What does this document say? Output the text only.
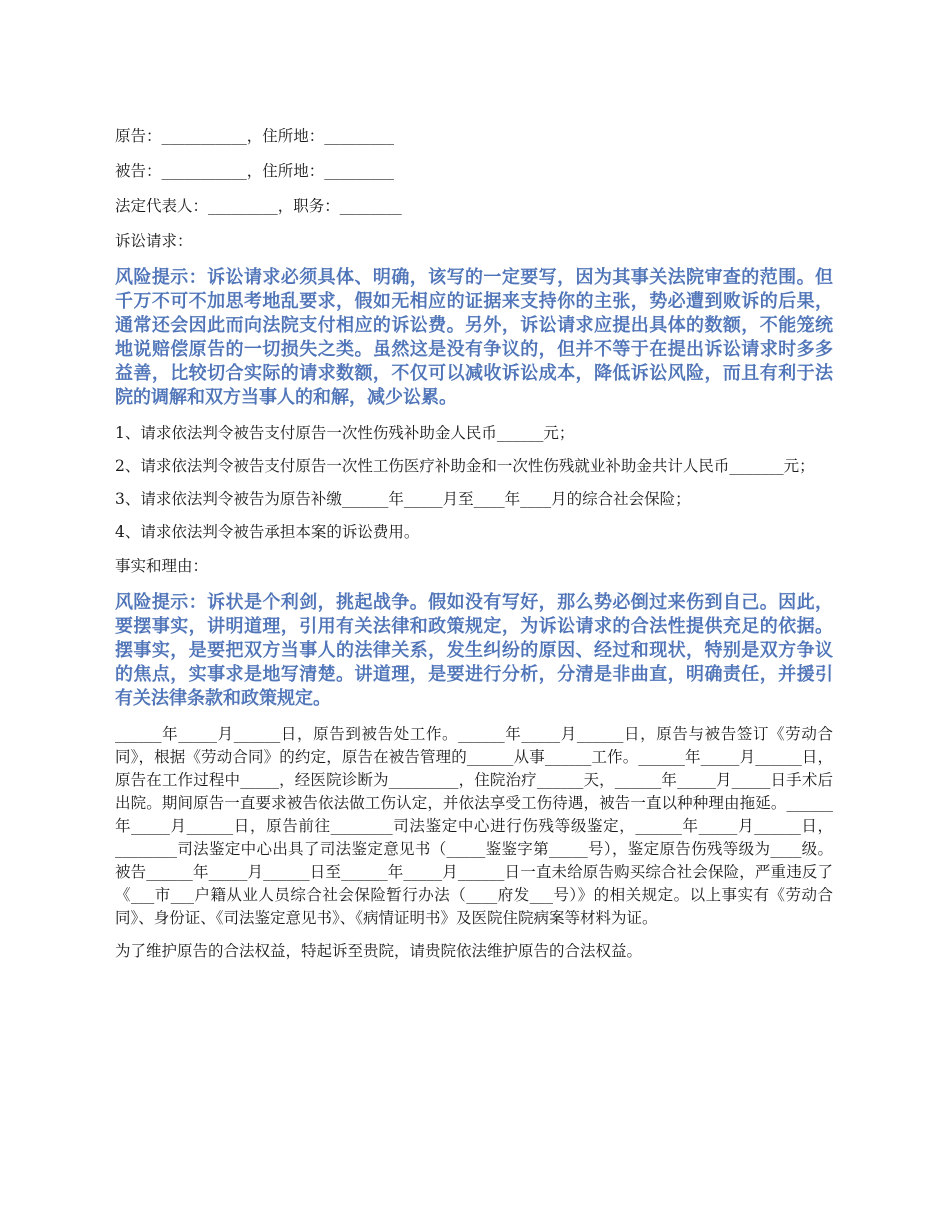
原告：___________，住所地：_________

被告：___________，住所地：_________

法定代表人：_________，职务：________

诉讼请求：

风险提示：诉讼请求必须具体、明确，该写的一定要写，因为其事关法院审查的范围。但千万不可不加思考地乱要求，假如无相应的证据来支持你的主张，势必遭到败诉的后果，通常还会因此而向法院支付相应的诉讼费。另外，诉讼请求应提出具体的数额，不能笼统地说赔偿原告的一切损失之类。虽然这是没有争议的，但并不等于在提出诉讼请求时多多益善，比较切合实际的请求数额，不仅可以减收诉讼成本，降低诉讼风险，而且有利于法院的调解和双方当事人的和解，减少讼累。

1、请求依法判令被告支付原告一次性伤残补助金人民币______元；

2、请求依法判令被告支付原告一次性工伤医疗补助金和一次性伤残就业补助金共计人民币_______元；

3、请求依法判令被告为原告补缴______年_____月至____年____月的综合社会保险；

4、请求依法判令被告承担本案的诉讼费用。

事实和理由：

风险提示：诉状是个利剑，挑起战争。假如没有写好，那么势必倒过来伤到自己。因此，要摆事实，讲明道理，引用有关法律和政策规定，为诉讼请求的合法性提供充足的依据。摆事实，是要把双方当事人的法律关系，发生纠纷的原因、经过和现状，特别是双方争议的焦点，实事求是地写清楚。讲道理，是要进行分析，分清是非曲直，明确责任，并援引有关法律条款和政策规定。

______年_____月______日，原告到被告处工作。______年_____月______日，原告与被告签订《劳动合同》，根据《劳动合同》的约定，原告在被告管理的______从事______工作。______年_____月______日，原告在工作过程中_____，经医院诊断为_________，住院治疗______天，______年_____月_____日手术后出院。期间原告一直要求被告依法做工伤认定，并依法享受工伤待遇，被告一直以种种理由拖延。______年_____月______日，原告前往________司法鉴定中心进行伤残等级鉴定，______年_____月______日，________司法鉴定中心出具了司法鉴定意见书（_____鉴鉴字第_____号），鉴定原告伤残等级为____级。被告______年_____月______日至______年_____月______日一直未给原告购买综合社会保险，严重违反了《___市___户籍从业人员综合社会保险暂行办法（____府发___号）》的相关规定。以上事实有《劳动合同》、身份证、《司法鉴定意见书》、《病情证明书》及医院住院病案等材料为证。

为了维护原告的合法权益，特起诉至贵院，请贵院依法维护原告的合法权益。
